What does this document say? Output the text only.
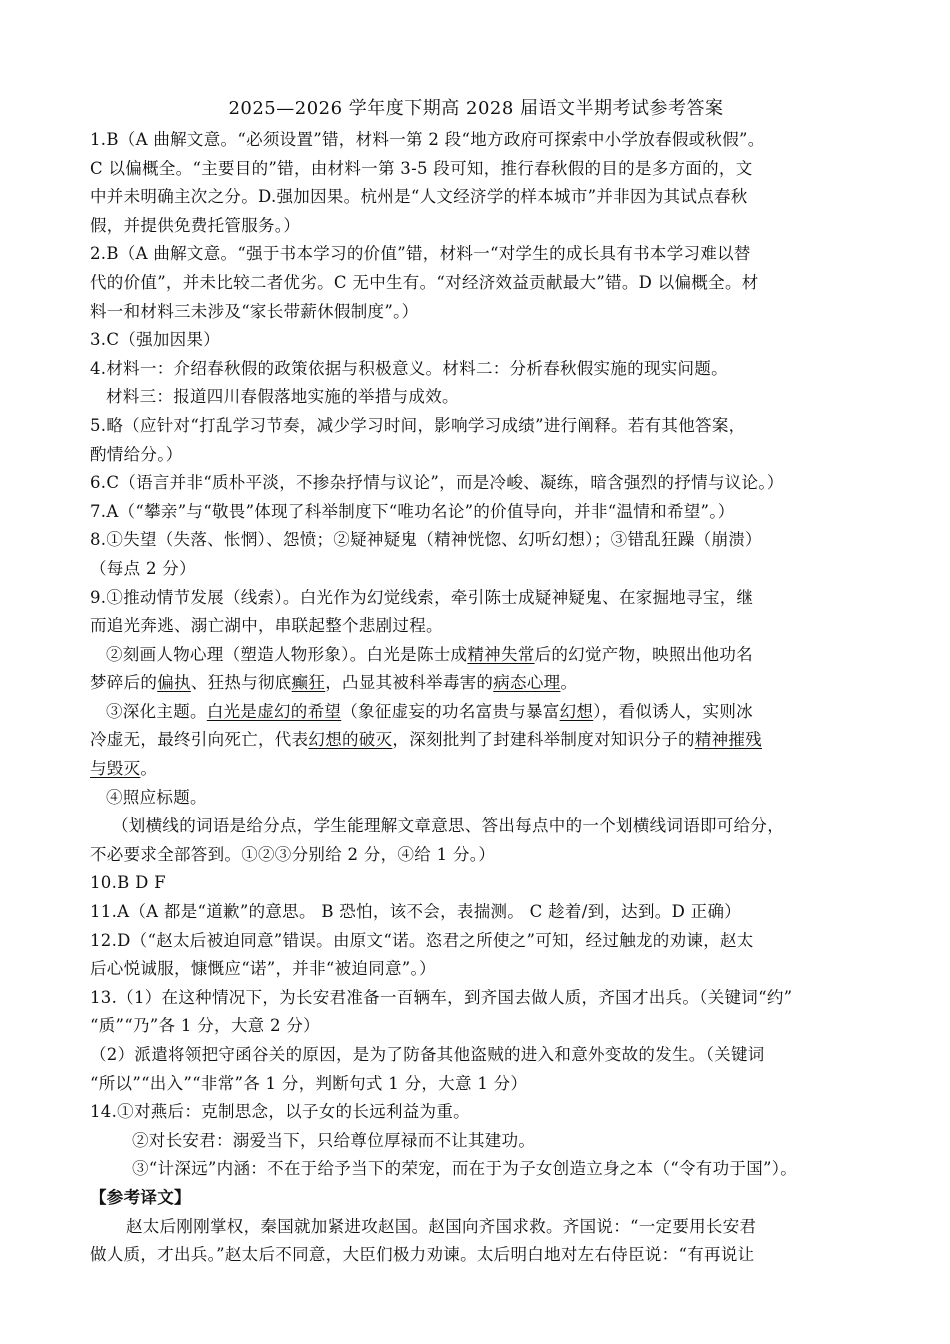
2025—2026 学年度下期高 2028 届语文半期考试参考答案
1.B（A 曲解文意。“必须设置”错，材料一第 2 段“地方政府可探索中小学放春假或秋假”。
C 以偏概全。“主要目的”错，由材料一第 3-5 段可知，推行春秋假的目的是多方面的，文
中并未明确主次之分。D.强加因果。杭州是“人文经济学的样本城市”并非因为其试点春秋
假，并提供免费托管服务。）
2.B（A 曲解文意。“强于书本学习的价值”错，材料一“对学生的成长具有书本学习难以替
代的价值”，并未比较二者优劣。C 无中生有。“对经济效益贡献最大”错。D 以偏概全。材
料一和材料三未涉及“家长带薪休假制度”。）
3.C（强加因果）
4.材料一：介绍春秋假的政策依据与积极意义。材料二：分析春秋假实施的现实问题。
材料三：报道四川春假落地实施的举措与成效。
5.略（应针对“打乱学习节奏，减少学习时间，影响学习成绩”进行阐释。若有其他答案，
酌情给分。）
6.C（语言并非“质朴平淡，不掺杂抒情与议论”，而是冷峻、凝练，暗含强烈的抒情与议论。）
7.A（“攀亲”与“敬畏”体现了科举制度下“唯功名论”的价值导向，并非“温情和希望”。）
8.①失望（失落、怅惘）、怨愤；②疑神疑鬼（精神恍惚、幻听幻想）；③错乱狂躁（崩溃）
（每点 2 分）
9.①推动情节发展（线索）。白光作为幻觉线索，牵引陈士成疑神疑鬼、在家掘地寻宝，继
而追光奔逃、溺亡湖中，串联起整个悲剧过程。
②刻画人物心理（塑造人物形象）。白光是陈士成精神失常后的幻觉产物，映照出他功名
梦碎后的偏执、狂热与彻底癫狂，凸显其被科举毒害的病态心理。
③深化主题。白光是虚幻的希望（象征虚妄的功名富贵与暴富幻想），看似诱人，实则冰
冷虚无，最终引向死亡，代表幻想的破灭，深刻批判了封建科举制度对知识分子的精神摧残
与毁灭。
④照应标题。
（划横线的词语是给分点，学生能理解文章意思、答出每点中的一个划横线词语即可给分，
不必要求全部答到。①②③分别给 2 分，④给 1 分。）
10.B D F
11.A（A 都是“道歉”的意思。 B 恐怕，该不会，表揣测。 C 趁着/到，达到。D 正确）
12.D（“赵太后被迫同意”错误。由原文“诺。恣君之所使之”可知，经过触龙的劝谏，赵太
后心悦诚服，慷慨应“诺”，并非“被迫同意”。）
13.（1）在这种情况下，为长安君准备一百辆车，到齐国去做人质，齐国才出兵。（关键词“约”
“质”“乃”各 1 分，大意 2 分）
（2）派遣将领把守函谷关的原因，是为了防备其他盗贼的进入和意外变故的发生。（关键词
“所以”“出入”“非常”各 1 分，判断句式 1 分，大意 1 分）
14.①对燕后：克制思念，以子女的长远利益为重。
②对长安君：溺爱当下，只给尊位厚禄而不让其建功。
③“计深远”内涵：不在于给予当下的荣宠，而在于为子女创造立身之本（“令有功于国”）。
【参考译文】
赵太后刚刚掌权，秦国就加紧进攻赵国。赵国向齐国求救。齐国说：“一定要用长安君
做人质，才出兵。”赵太后不同意，大臣们极力劝谏。太后明白地对左右侍臣说：“有再说让
